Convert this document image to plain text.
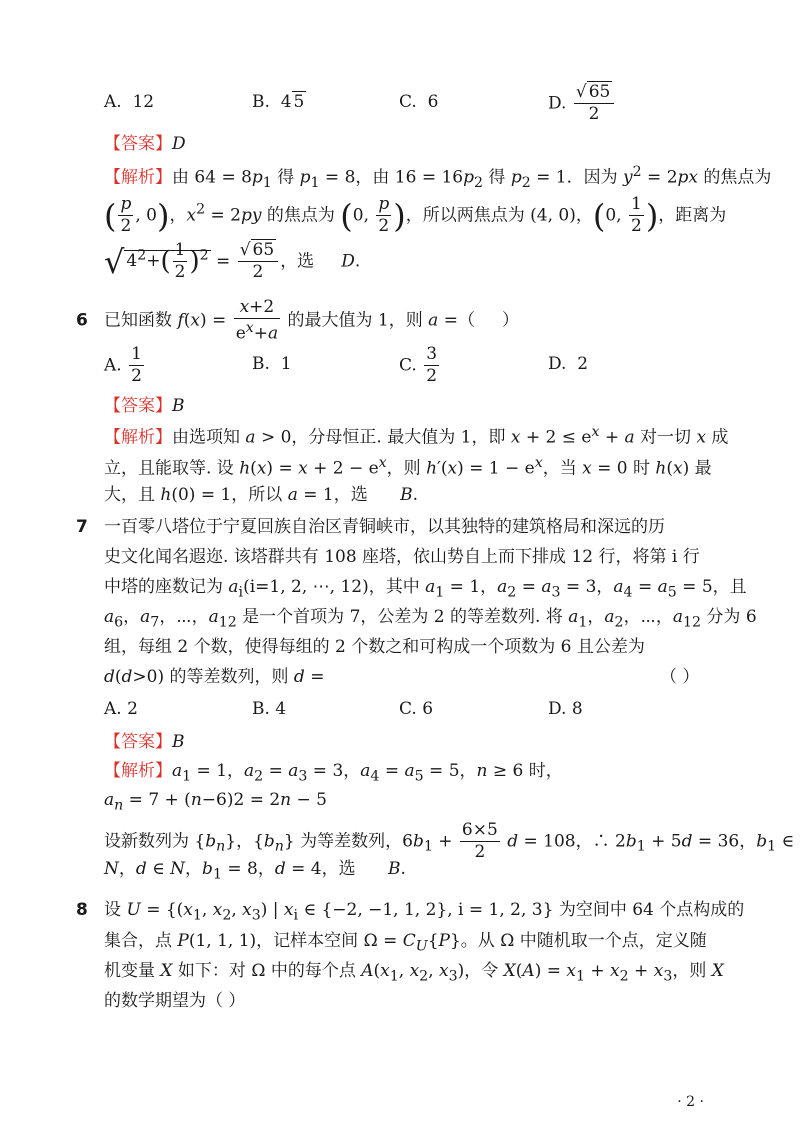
A.  12	B.  4 5	C.  6	D. $\frac{√ 65}{2}$
【答案】D
【解析】由 $64 = 8p_1$ 得 $p_1 = 8$，由 $16 = 16p_2$ 得 $p_2 = 1$．因为 $y^2 = 2px$ 的焦点为
( $\frac{p}{2}$ , 0)，$x^2 = 2py$ 的焦点为 (0, $\frac{p}{2}$ )，所以两焦点为 (4, 0)，(0, $\frac{1}{2}$ )，距离为
√ $4^2+( \frac{1}{2} )^2 = \frac{√ 65}{2}$ ，选     D.
6   已知函数 $f(x) = \frac{x+2}{e^x+a}$ 的最大值为 1，则 a =（     ）
A. $\frac{1}{2}$	B.  1	C. $\frac{3}{2}$	D.  2
【答案】B
【解析】由选项知 a > 0，分母恒正. 最大值为 1，即 $x + 2 \le e^x + a$ 对一切 x 成
立，且能取等. 设 $h(x) = x + 2 - e^x$，则 $h'(x) = 1 - e^x$，当 x = 0 时 h(x) 最
大，且 h(0) = 1，所以 a = 1，选      B.
7   一百零八塔位于宁夏回族自治区青铜峡市，以其独特的建筑格局和深远的历
史文化闻名遐迩. 该塔群共有 108 座塔，依山势自上而下排成 12 行，将第 i 行
中塔的座数记为 $a_i(i=1$, 2, ⋯, 12)，其中 $a_1 = 1$，$a_2 = a_3 = 3$，$a_4 = a_5 = 5$，且
$a_6$，$a_7$，⋯，$a_{12}$ 是一个首项为 7，公差为 2 的等差数列. 将 $a_1$，$a_2$，⋯，$a_{12}$ 分为 6
组，每组 2 个数，使得每组的 2 个数之和可构成一个项数为 6 且公差为
d(d>0) 的等差数列，则 d =	（ ）
A. 2	B. 4	C. 6	D. 8
【答案】B
【解析】$a_1 = 1$，$a_2 = a_3 = 3$，$a_4 = a_5 = 5$，n ≥ 6 时，
$a_n = 7 + (n-6)2 = 2n - 5$
设新数列为 $\{b_n\}$，$\{b_n\}$ 为等差数列，$6b_1 + \frac{6\times 5}{2}$ d = 108，∴ $2b_1 + 5d = 36$，$b_1$ ∈
N，d ∈ N，$b_1 = 8$，d = 4，选      B.
8   设 $U = \{(x_1$, $x_2$, $x_3$) | $x_i$ ∈ {−2, −1, 1, 2}, i = 1, 2, 3} 为空间中 64 个点构成的
集合，点 P(1, 1, 1)，记样本空间 $\Omega = C_U\{P\}$。从 Ω 中随机取一个点，定义随
机变量 X 如下：对 Ω 中的每个点 $A(x_1$, $x_2$, $x_3$)，令 $X(A) = x_1 + x_2 + x_3$，则 X
的数学期望为（ ）
· 2 ·
